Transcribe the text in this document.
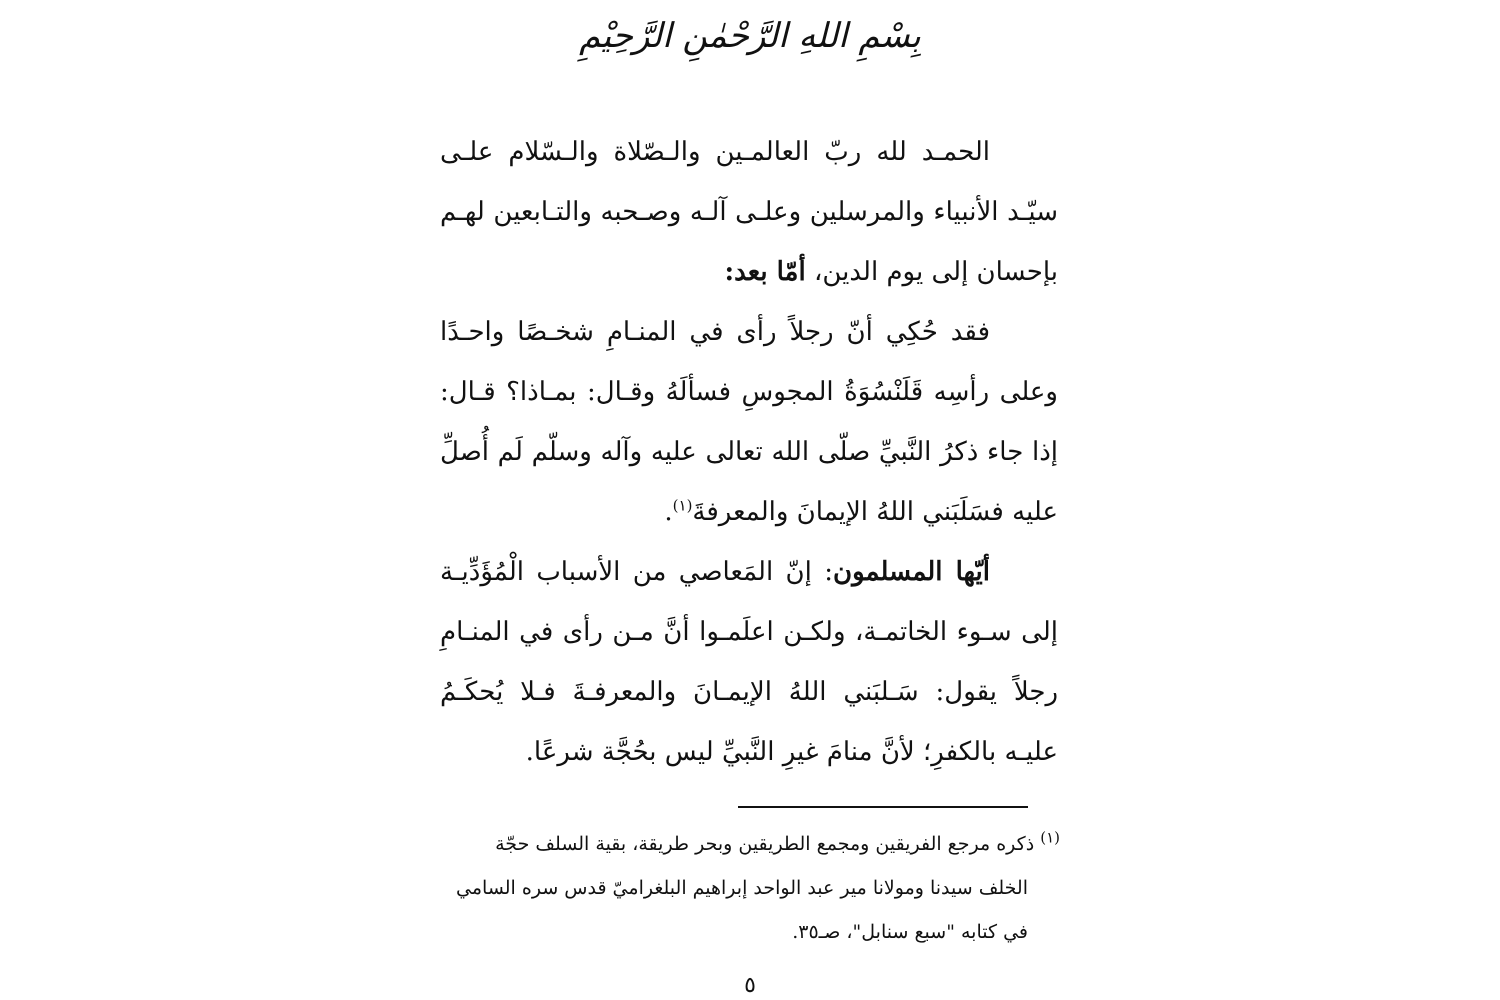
بِسْمِ اللهِ الرَّحْمٰنِ الرَّحِيْمِ

الحمـد لله ربّ العالمـين والـصّلاة والـسّلام علـى سيّـد الأنبياء والمرسلين وعلـى آلـه وصـحبه والتـابعين لهـم بإحسان إلى يوم الدين، أمّا بعد:

فقد حُكِي أنّ رجلاً رأى في المنـامِ شخـصًا واحـدًا وعلى رأسِه قَلَنْسُوَةُ المجوسِ فسألَهُ وقـال: بمـاذا؟ قـال: إذا جاء ذكرُ النَّبيِّ صلّى الله تعالى عليه وآله وسلّم لَم أُصلِّ عليه فسَلَبَني اللهُ الإيمانَ والمعرفةَ$^{(١)}$.

أيّها المسلمون: إنّ المَعاصي من الأسباب الْمُؤَدِّيـة إلى سـوء الخاتمـة، ولكـن اعلَمـوا أنَّ مـن رأى في المنـامِ رجلاً يقول: سَـلبَني اللهُ الإيمـانَ والمعرفـةَ فـلا يُحكَـمُ عليـه بالكفرِ؛ لأنَّ منامَ غيرِ النَّبيِّ ليس بحُجَّة شرعًا.

$^{(١)}$ ذكره مرجع الفريقين ومجمع الطريقين وبحر طريقة، بقية السلف حجّة

الخلف سيدنا ومولانا مير عبد الواحد إبراهيم البلغراميّ قدس سره السامي

في كتابه "سبع سنابل"، صـ٣٥.

٥
